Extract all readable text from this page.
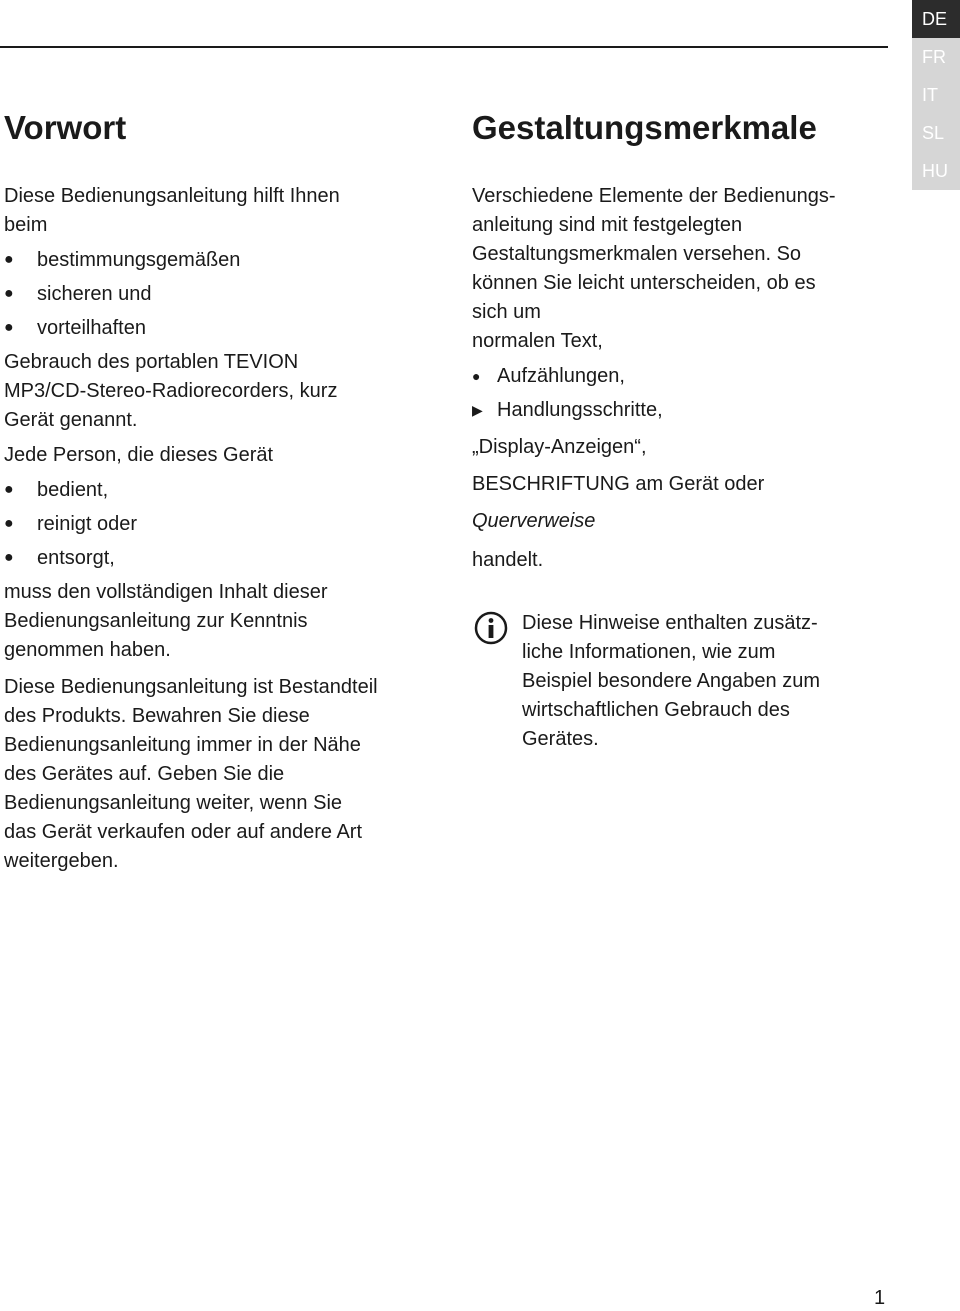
DE
FR
IT
SL
HU
Vorwort

Diese Bedienungsanleitung hilft Ihnen

beim

● bestimmungsgemäßen
● sicheren und
● vorteilhaften

Gebrauch des portablen TEVION

MP3/CD-Stereo-Radiorecorders, kurz

Gerät genannt.

Jede Person, die dieses Gerät

● bedient,
● reinigt oder
● entsorgt,

muss den vollständigen Inhalt dieser

Bedienungsanleitung zur Kenntnis

genommen haben.

Diese Bedienungsanleitung ist Bestandteil

des Produkts. Bewahren Sie diese

Bedienungsanleitung immer in der Nähe

des Gerätes auf. Geben Sie die

Bedienungsanleitung weiter, wenn Sie

das Gerät verkaufen oder auf andere Art

weitergeben.

Gestaltungsmerkmale

Verschiedene Elemente der Bedienungs-

anleitung sind mit festgelegten

Gestaltungsmerkmalen versehen. So

können Sie leicht unterscheiden, ob es

sich um

normalen Text,

● Aufzählungen,
▶ Handlungsschritte,
„Display-Anzeigen“,
BESCHRIFTUNG am Gerät oder
Querverweise

handelt.

Diese Hinweise enthalten zusätz-

liche Informationen, wie zum

Beispiel besondere Angaben zum

wirtschaftlichen Gebrauch des

Gerätes.

1
